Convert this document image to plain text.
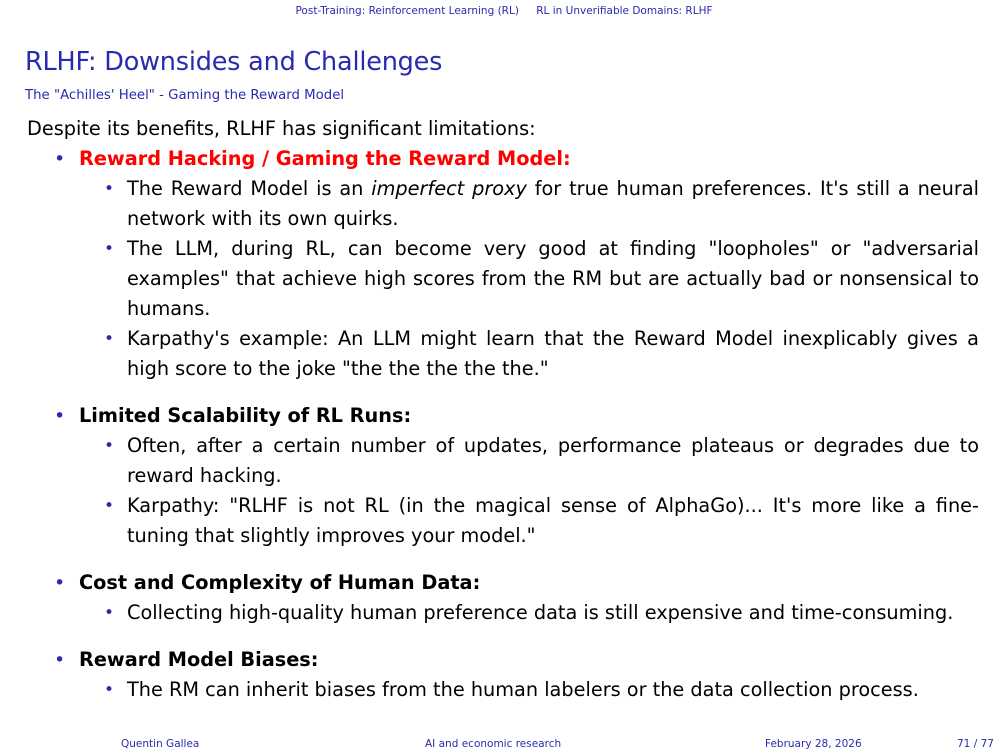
Post-Training: Reinforcement Learning (RL) RL in Unverifiable Domains: RLHF
RLHF: Downsides and Challenges
The "Achilles' Heel" - Gaming the Reward Model
Despite its benefits, RLHF has significant limitations:
• Reward Hacking / Gaming the Reward Model:
• The Reward Model is an imperfect proxy for true human preferences. It's still a neural network with its own quirks.
• The LLM, during RL, can become very good at finding "loopholes" or "adversarial examples" that achieve high scores from the RM but are actually bad or nonsensical to humans.
• Karpathy's example: An LLM might learn that the Reward Model inexplicably gives a high score to the joke "the the the the the."
• Limited Scalability of RL Runs:
• Often, after a certain number of updates, performance plateaus or degrades due to reward hacking.
• Karpathy: "RLHF is not RL (in the magical sense of AlphaGo)... It's more like a fine-tuning that slightly improves your model."
• Cost and Complexity of Human Data:
• Collecting high-quality human preference data is still expensive and time-consuming.
• Reward Model Biases:
• The RM can inherit biases from the human labelers or the data collection process.
Quentin Gallea	AI and economic research	February 28, 2026	71 / 77
